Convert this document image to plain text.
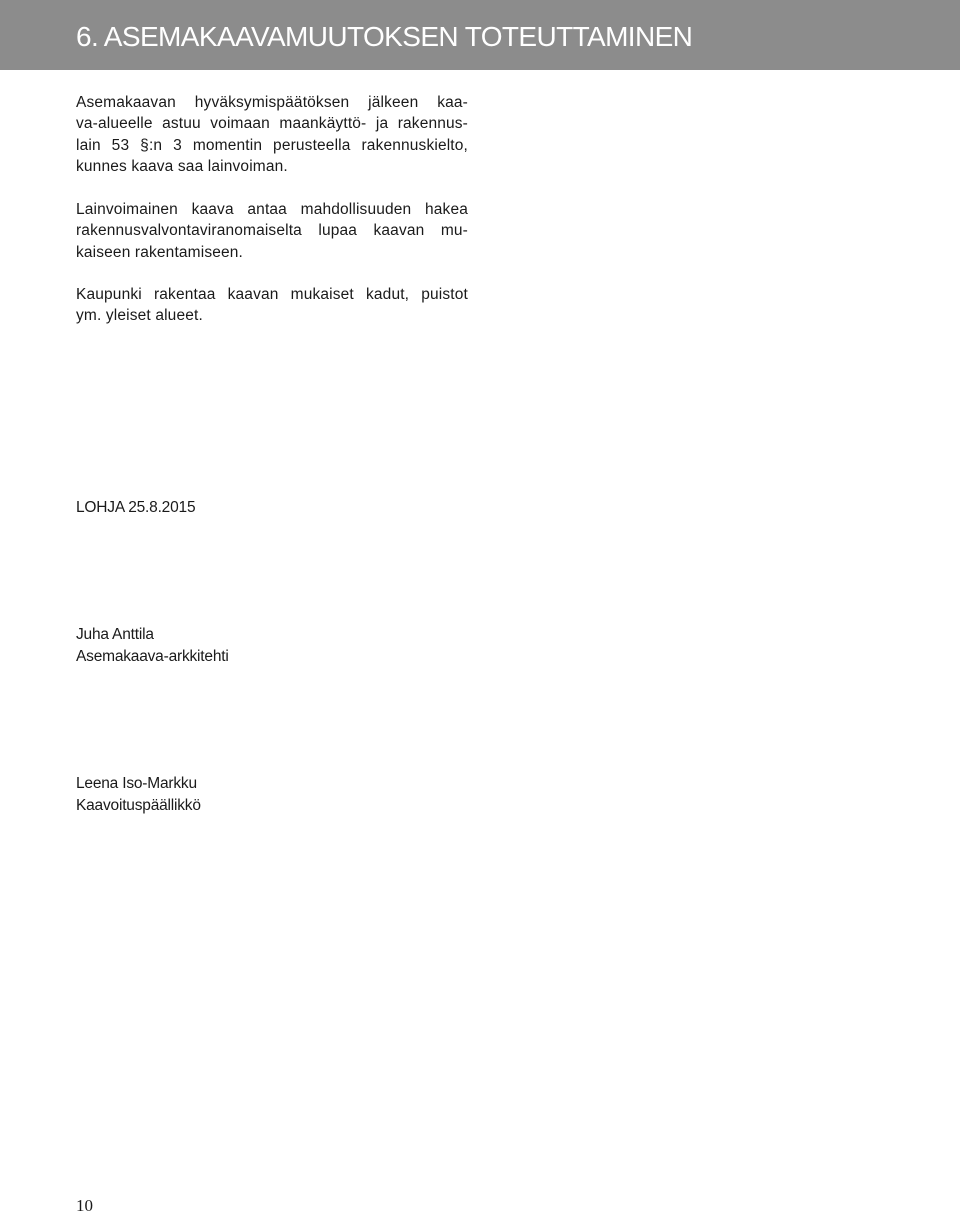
6. ASEMAKAAVAMUUTOKSEN TOTEUTTAMINEN
Asemakaavan hyväksymispäätöksen jälkeen kaa-
va-alueelle astuu voimaan maankäyttö- ja rakennus-
lain 53 §:n 3 momentin perusteella rakennuskielto,
kunnes kaava saa lainvoiman.
Lainvoimainen kaava antaa mahdollisuuden hakea
rakennusvalvontaviranomaiselta lupaa kaavan mu-
kaiseen rakentamiseen.
Kaupunki rakentaa kaavan mukaiset kadut, puistot
ym. yleiset alueet.
LOHJA 25.8.2015
Juha Anttila
Asemakaava-arkkitehti
Leena Iso-Markku
Kaavoituspäällikkö
10
